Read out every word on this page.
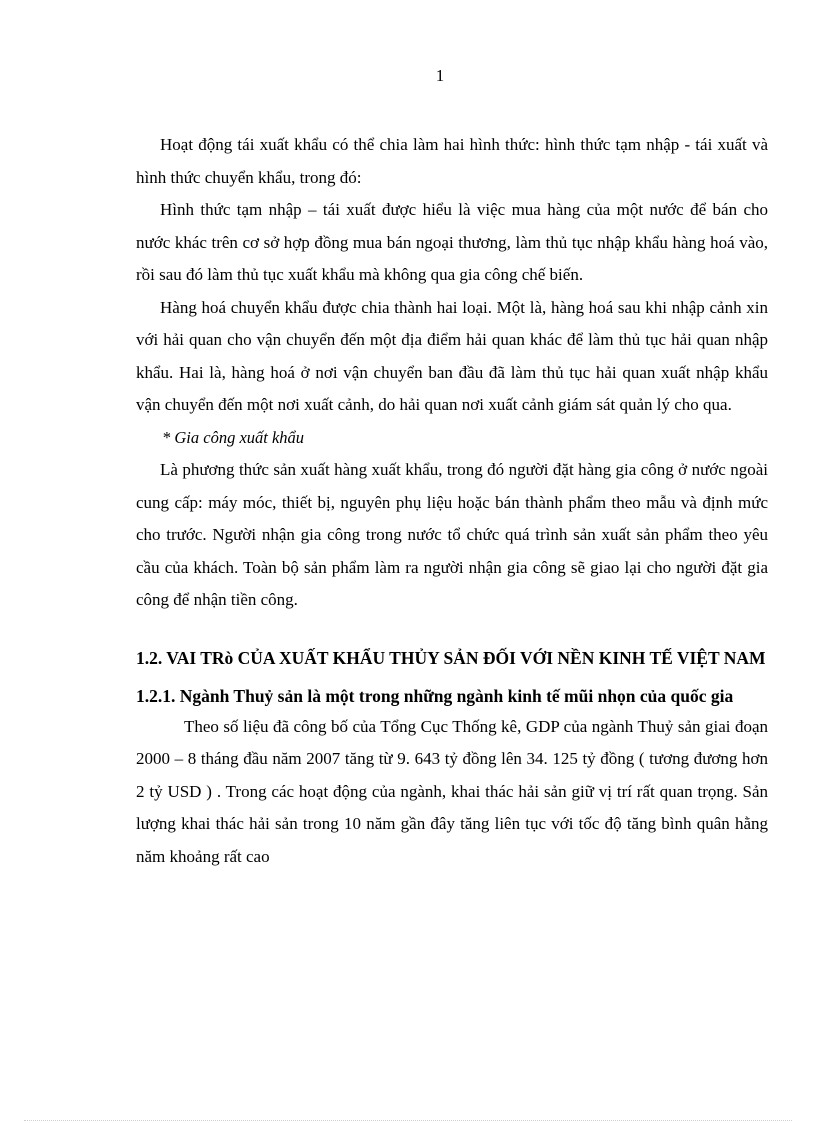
1

Hoạt động tái xuất khẩu có thể chia làm hai hình thức: hình thức tạm nhập - tái xuất và hình thức chuyển khẩu, trong đó:

Hình thức tạm nhập – tái xuất được hiểu là việc mua hàng của một nước để bán cho nước khác trên cơ sở hợp đồng mua bán ngoại thương, làm thủ tục nhập khẩu hàng hoá vào, rồi sau đó làm thủ tục xuất khẩu mà không qua gia công chế biến.

Hàng hoá chuyển khẩu được chia thành hai loại. Một là, hàng hoá sau khi nhập cảnh xin với hải quan cho vận chuyển đến một địa điểm hải quan khác để làm thủ tục hải quan nhập khẩu. Hai là, hàng hoá ở nơi vận chuyển ban đầu đã làm thủ tục hải quan xuất nhập khẩu vận chuyển đến một nơi xuất cảnh, do hải quan nơi xuất cảnh giám sát quản lý cho qua.

* Gia công xuất khẩu

Là phương thức sản xuất hàng xuất khẩu, trong đó người đặt hàng gia công ở nước ngoài cung cấp: máy móc, thiết bị, nguyên phụ liệu hoặc bán thành phẩm theo mẫu và định mức cho trước. Người nhận gia công trong nước tổ chức quá trình sản xuất sản phẩm theo yêu cầu của khách. Toàn bộ sản phẩm làm ra người nhận gia công sẽ giao lại cho người đặt gia công để nhận tiền công.

1.2. VAI TRò CỦA XUẤT KHẨU THỦY SẢN ĐỐI VỚI NỀN KINH TẾ VIỆT NAM

1.2.1. Ngành Thuỷ sản là một trong những ngành kinh tế mũi nhọn của quốc gia

Theo số liệu đã công bố của Tổng Cục Thống kê, GDP của ngành Thuỷ sản giai đoạn 2000 – 8 tháng đầu năm 2007 tăng từ 9. 643 tỷ đồng lên 34. 125 tỷ đồng ( tương đương hơn 2 tỷ USD ) . Trong các hoạt động của ngành, khai thác hải sản giữ vị trí rất quan trọng. Sản lượng khai thác hải sản trong 10 năm gần đây tăng liên tục với tốc độ tăng bình quân hằng năm khoảng rất cao
